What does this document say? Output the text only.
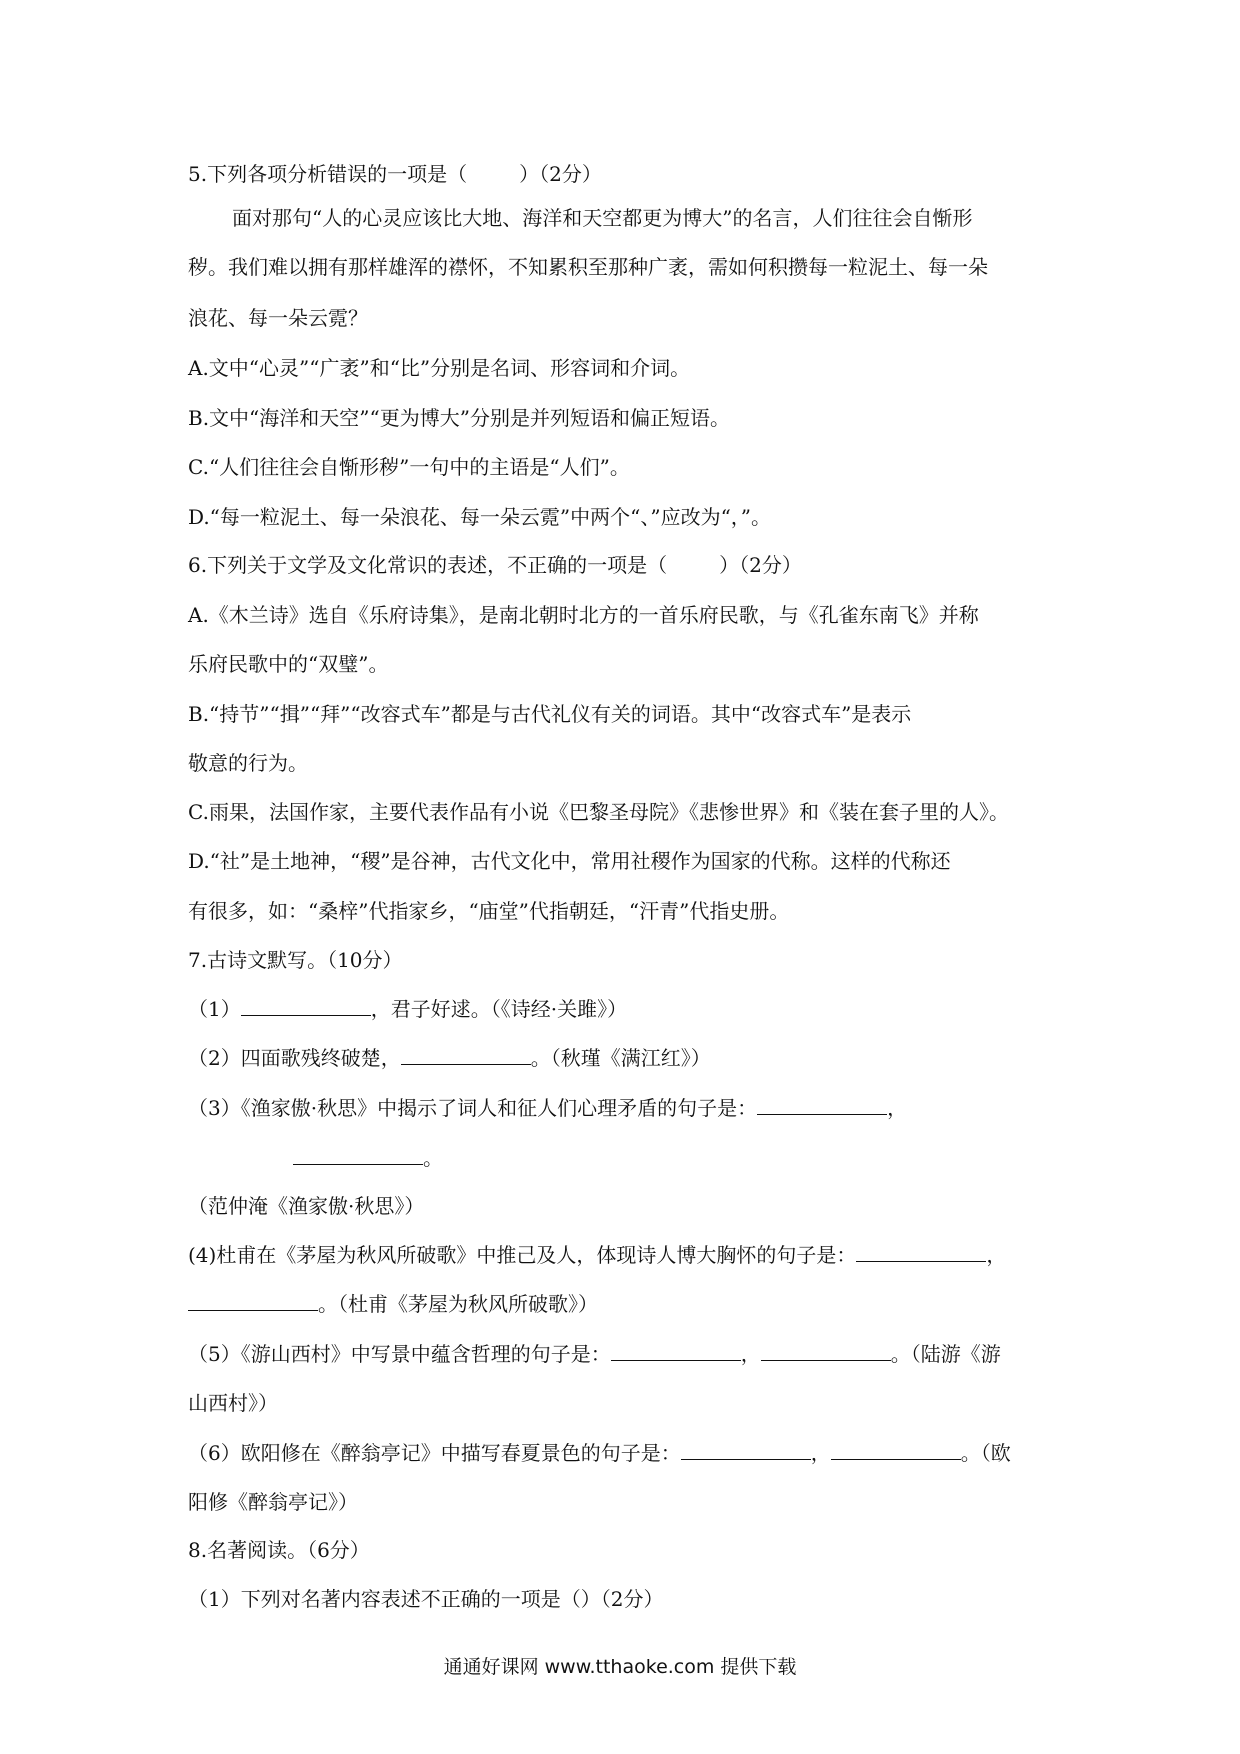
5.下列各项分析错误的一项是（	）（2分）
面对那句“人的心灵应该比大地、海洋和天空都更为博大”的名言，人们往往会自惭形
秽。我们难以拥有那样雄浑的襟怀，不知累积至那种广袤，需如何积攒每一粒泥土、每一朵
浪花、每一朵云霓？
A.文中“心灵”“广袤”和“比”分别是名词、形容词和介词。
B.文中“海洋和天空”“更为博大”分别是并列短语和偏正短语。
C.“人们往往会自惭形秽”一句中的主语是“人们”。
D.“每一粒泥土、每一朵浪花、每一朵云霓”中两个“、”应改为“，”。
6.下列关于文学及文化常识的表述，不正确的一项是（	）（2分）
A.《木兰诗》选自《乐府诗集》，是南北朝时北方的一首乐府民歌，与《孔雀东南飞》并称
乐府民歌中的“双璧”。
B.“持节”“揖”“拜”“改容式车”都是与古代礼仪有关的词语。其中“改容式车”是表示
敬意的行为。
C.雨果，法国作家，主要代表作品有小说《巴黎圣母院》《悲惨世界》和《装在套子里的人》。
D.“社”是土地神，“稷”是谷神，古代文化中，常用社稷作为国家的代称。这样的代称还
有很多，如：“桑梓”代指家乡，“庙堂”代指朝廷，“汗青”代指史册。
7.古诗文默写。（10分）
（1）	，君子好逑。（《诗经·关雎》）
（2）四面歌残终破楚，	。（秋瑾《满江红》）
（3）《渔家傲·秋思》中揭示了词人和征人们心理矛盾的句子是：	，
。
（范仲淹《渔家傲·秋思》）
(4)杜甫在《茅屋为秋风所破歌》中推己及人，体现诗人博大胸怀的句子是：	，
。（杜甫《茅屋为秋风所破歌》）
（5）《游山西村》中写景中蕴含哲理的句子是：	，	。（陆游《游
山西村》）
（6）欧阳修在《醉翁亭记》中描写春夏景色的句子是：	，	。（欧
阳修《醉翁亭记》）
8.名著阅读。（6分）
（1）下列对名著内容表述不正确的一项是（）（2分）
通通好课网 www.tthaoke.com 提供下载
